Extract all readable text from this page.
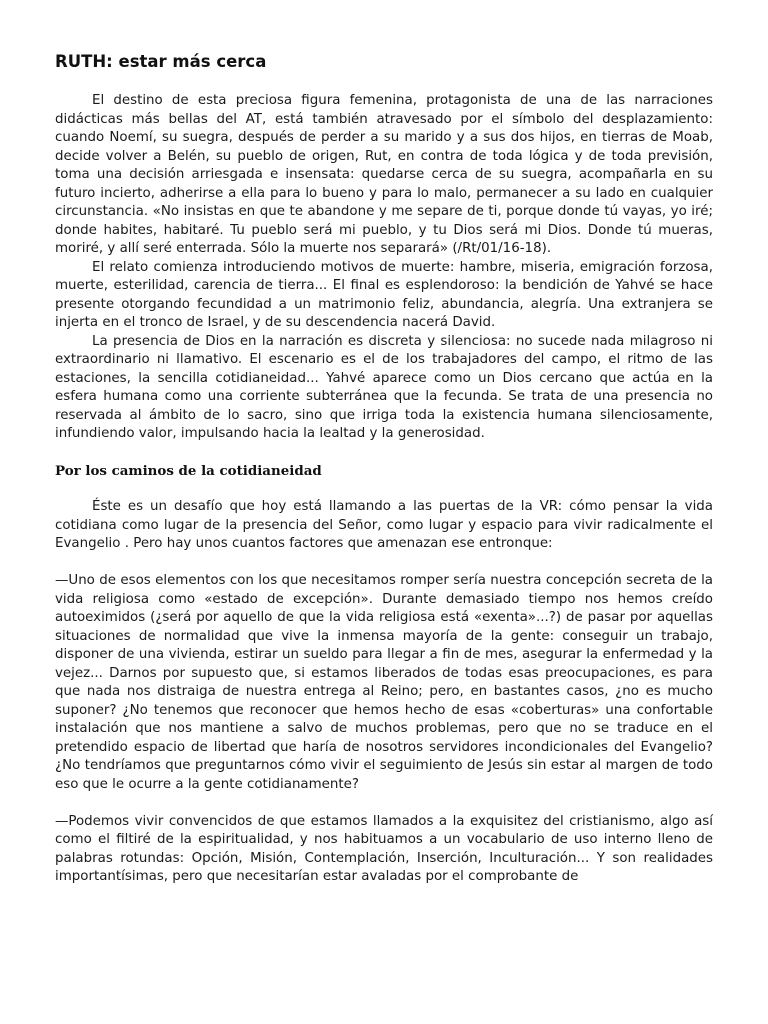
RUTH: estar más cerca

El destino de esta preciosa figura femenina, protagonista de una de las narraciones didácticas más bellas del AT, está también atravesado por el símbolo del desplazamiento: cuando Noemí, su suegra, después de perder a su marido y a sus dos hijos, en tierras de Moab, decide volver a Belén, su pueblo de origen, Rut, en contra de toda lógica y de toda previsión, toma una decisión arriesgada e insensata: quedarse cerca de su suegra, acompañarla en su futuro incierto, adherirse a ella para lo bueno y para lo malo, permanecer a su lado en cualquier circunstancia. «No insistas en que te abandone y me separe de ti, porque donde tú vayas, yo iré; donde habites, habitaré. Tu pueblo será mi pueblo, y tu Dios será mi Dios. Donde tú mueras, moriré, y allí seré enterrada. Sólo la muerte nos separará» (/Rt/01/16-18).

El relato comienza introduciendo motivos de muerte: hambre, miseria, emigración forzosa, muerte, esterilidad, carencia de tierra... El final es esplendoroso: la bendición de Yahvé se hace presente otorgando fecundidad a un matrimonio feliz, abundancia, alegría. Una extranjera se injerta en el tronco de Israel, y de su descendencia nacerá David.

La presencia de Dios en la narración es discreta y silenciosa: no sucede nada milagroso ni extraordinario ni llamativo. El escenario es el de los trabajadores del campo, el ritmo de las estaciones, la sencilla cotidianeidad... Yahvé aparece como un Dios cercano que actúa en la esfera humana como una corriente subterránea que la fecunda. Se trata de una presencia no reservada al ámbito de lo sacro, sino que irriga toda la existencia humana silenciosamente, infundiendo valor, impulsando hacia la lealtad y la generosidad.

Por los caminos de la cotidianeidad

Éste es un desafío que hoy está llamando a las puertas de la VR: cómo pensar la vida cotidiana como lugar de la presencia del Señor, como lugar y espacio para vivir radicalmente el Evangelio . Pero hay unos cuantos factores que amenazan ese entronque:

—Uno de esos elementos con los que necesitamos romper sería nuestra concepción secreta de la vida religiosa como «estado de excepción». Durante demasiado tiempo nos hemos creído autoeximidos (¿será por aquello de que la vida religiosa está «exenta»...?) de pasar por aquellas situaciones de normalidad que vive la inmensa mayoría de la gente: conseguir un trabajo, disponer de una vivienda, estirar un sueldo para llegar a fin de mes, asegurar la enfermedad y la vejez... Darnos por supuesto que, si estamos liberados de todas esas preocupaciones, es para que nada nos distraiga de nuestra entrega al Reino; pero, en bastantes casos, ¿no es mucho suponer? ¿No tenemos que reconocer que hemos hecho de esas «coberturas» una confortable instalación que nos mantiene a salvo de muchos problemas, pero que no se traduce en el pretendido espacio de libertad que haría de nosotros servidores incondicionales del Evangelio? ¿No tendríamos que preguntarnos cómo vivir el seguimiento de Jesús sin estar al margen de todo eso que le ocurre a la gente cotidianamente?

—Podemos vivir convencidos de que estamos llamados a la exquisitez del cristianismo, algo así como el filtiré de la espiritualidad, y nos habituamos a un vocabulario de uso interno lleno de palabras rotundas: Opción, Misión, Contemplación, Inserción, Inculturación... Y son realidades importantísimas, pero que necesitarían estar avaladas por el comprobante de
